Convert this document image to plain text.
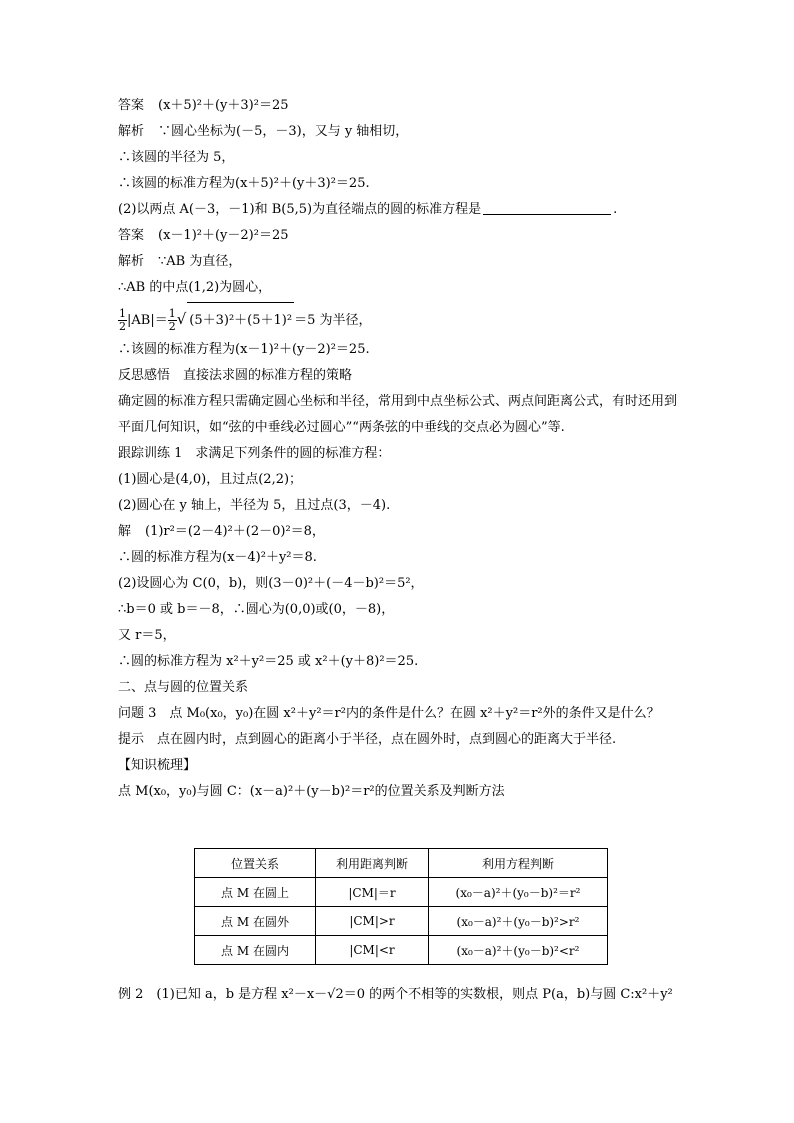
答案 (x＋5)²＋(y＋3)²＝25
解析 ∵圆心坐标为(－5，－3)，又与 y 轴相切，
∴该圆的半径为 5，
∴该圆的标准方程为(x＋5)²＋(y＋3)²＝25.
(2)以两点 A(－3，－1)和 B(5,5)为直径端点的圆的标准方程是	.
答案 (x－1)²＋(y－2)²＝25
解析 ∵AB 为直径，
∴AB 的中点(1,2)为圆心，
$\frac{1}{2} |AB|= \frac{1}{2}$ √ (5＋3)²＋(5＋1)² ＝5 为半径，
∴该圆的标准方程为(x－1)²＋(y－2)²＝25.
反思感悟　直接法求圆的标准方程的策略
确定圆的标准方程只需确定圆心坐标和半径，常用到中点坐标公式、两点间距离公式，有时还用到平面几何知识，如“弦的中垂线必过圆心”“两条弦的中垂线的交点必为圆心”等.
跟踪训练 1　求满足下列条件的圆的标准方程：
(1)圆心是(4,0)，且过点(2,2)；
(2)圆心在 y 轴上，半径为 5，且过点(3，－4).
解 (1)r²＝(2－4)²＋(2－0)²＝8，
∴圆的标准方程为(x－4)²＋y²＝8.
(2)设圆心为 C(0，b)，则(3－0)²＋(－4－b)²＝5²，
∴b＝0 或 b＝－8，∴圆心为(0,0)或(0，－8)，
又 r＝5，
∴圆的标准方程为 x²＋y²＝25 或 x²＋(y＋8)²＝25.
二、点与圆的位置关系
问题 3　点 M₀(x₀，y₀)在圆 x²＋y²＝r²内的条件是什么？在圆 x²＋y²＝r²外的条件又是什么？
提示　点在圆内时，点到圆心的距离小于半径，点在圆外时，点到圆心的距离大于半径.
【知识梳理】
点 M(x₀，y₀)与圆 C：(x－a)²＋(y－b)²＝r²的位置关系及判断方法
位置关系	利用距离判断	利用方程判断
点 M 在圆上	|CM|＝r	(x₀－a)²＋(y₀－b)²＝r²
点 M 在圆外	|CM|>r	(x₀－a)²＋(y₀－b)²>r²
点 M 在圆内	|CM|<r	(x₀－a)²＋(y₀－b)²<r²
例 2　(1)已知 a，b 是方程 x²－x－√2＝0 的两个不相等的实数根，则点 P(a，b)与圆 C:x²＋y²
